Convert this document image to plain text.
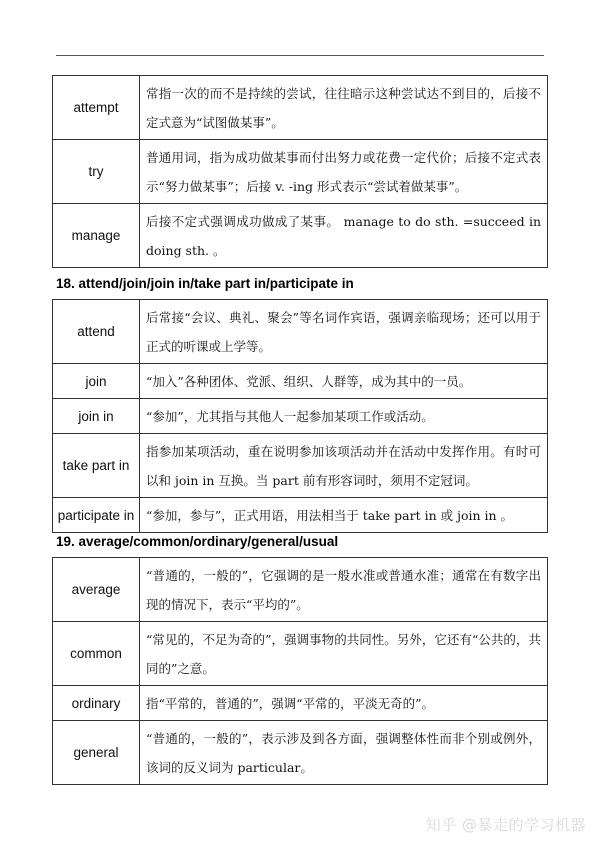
attempt	常指一次的而不是持续的尝试，往往暗示这种尝试达不到目的，后接不定式意为“试图做某事”。
try	普通用词，指为成功做某事而付出努力或花费一定代价；后接不定式表示“努力做某事”；后接 v. -ing 形式表示“尝试着做某事”。
manage	后接不定式强调成功做成了某事。 manage to do sth. =succeed in doing sth. 。
18. attend/join/join in/take part in/participate in
attend	后常接“会议、典礼、聚会”等名词作宾语，强调亲临现场；还可以用于正式的听课或上学等。
join	“加入”各种团体、党派、组织、人群等，成为其中的一员。
join in	“参加”，尤其指与其他人一起参加某项工作或活动。
take part in	指参加某项活动，重在说明参加该项活动并在活动中发挥作用。有时可以和 join in 互换。当 part 前有形容词时，须用不定冠词。
participate in	“参加，参与”，正式用语，用法相当于 take part in 或 join in 。
19. average/common/ordinary/general/usual
average	“普通的，一般的”，它强调的是一般水准或普通水准；通常在有数字出现的情况下，表示“平均的”。
common	“常见的，不足为奇的”，强调事物的共同性。另外，它还有“公共的，共同的”之意。
ordinary	指“平常的，普通的”，强调“平常的，平淡无奇的”。
general	“普通的，一般的”，表示涉及到各方面，强调整体性而非个别或例外，该词的反义词为 particular。
知乎 @暴走的学习机器
